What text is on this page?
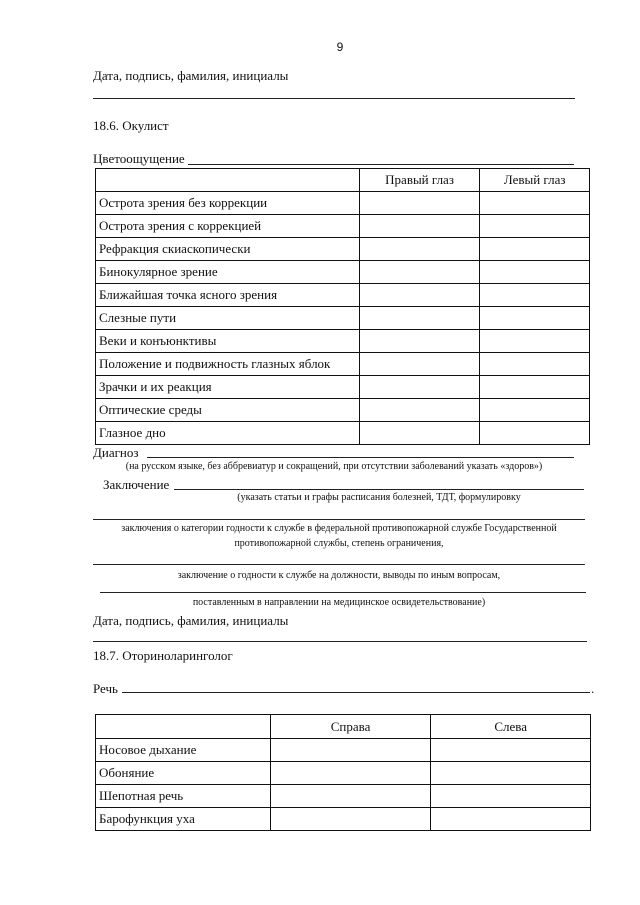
9
Дата, подпись, фамилия, инициалы
18.6. Окулист
Цветоощущение
	Правый глаз	Левый глаз
Острота зрения без коррекции		
Острота зрения с коррекцией		
Рефракция скиаскопически		
Бинокулярное зрение		
Ближайшая точка ясного зрения		
Слезные пути		
Веки и конъюнктивы		
Положение и подвижность глазных яблок		
Зрачки и их реакция		
Оптические среды		
Глазное дно		
Диагноз
(на русском языке, без аббревиатур и сокращений, при отсутствии заболеваний указать «здоров»)
Заключение
(указать статьи и графы расписания болезней, ТДТ, формулировку
заключения о категории годности к службе в федеральной противопожарной службе Государственной
противопожарной службы, степень ограничения,
заключение о годности к службе на должности, выводы по иным вопросам,
поставленным в направлении на медицинское освидетельствование)
Дата, подпись, фамилия, инициалы
18.7. Оториноларинголог
Речь	.
	Справа	Слева
Носовое дыхание		
Обоняние		
Шепотная речь		
Барофункция уха		
